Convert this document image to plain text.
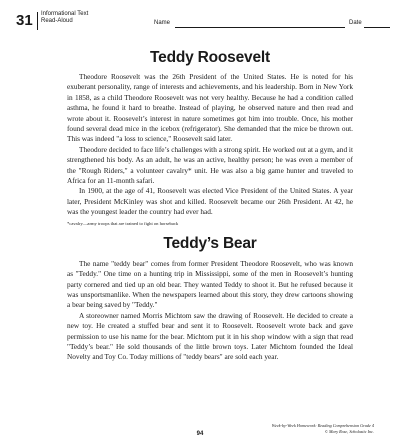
31 Informational Text
Read-Aloud	Name	Date
Teddy Roosevelt

Theodore Roosevelt was the 26th President of the United States. He is noted for his exuberant personality, range of interests and achievements, and his leadership. Born in New York in 1858, as a child Theodore Roosevelt was not very healthy. Because he had a condition called asthma, he found it hard to breathe. Instead of playing, he observed nature and then read and wrote about it. Roosevelt’s interest in nature sometimes got him into trouble. Once, his mother found several dead mice in the icebox (refrigerator). She demanded that the mice be thrown out. This was indeed "a loss to science," Roosevelt said later.

Theodore decided to face life’s challenges with a strong spirit. He worked out at a gym, and it strengthened his body. As an adult, he was an active, healthy person; he was even a member of the "Rough Riders," a volunteer cavalry* unit. He was also a big game hunter and traveled to Africa for an 11-month safari.

In 1900, at the age of 41, Roosevelt was elected Vice President of the United States. A year later, President McKinley was shot and killed. Roosevelt became our 26th President. At 42, he was the youngest leader the country had ever had.

*cavalry—army troops that are trained to fight on horseback

Teddy’s Bear

The name "teddy bear" comes from former President Theodore Roosevelt, who was known as "Teddy." One time on a hunting trip in Mississippi, some of the men in Roosevelt’s hunting party cornered and tied up an old bear. They wanted Teddy to shoot it. But he refused because it was unsportsmanlike. When the newspapers learned about this story, they drew cartoons showing a bear being saved by "Teddy."

A storeowner named Morris Michtom saw the drawing of Roosevelt. He decided to create a new toy. He created a stuffed bear and sent it to Roosevelt. Roosevelt wrote back and gave permission to use his name for the bear. Michtom put it in his shop window with a sign that read "Teddy’s bear." He sold thousands of the little brown toys. Later Michtom founded the Ideal Novelty and Toy Co. Today millions of "teddy bears" are sold each year.

Week-by-Week Homework: Reading Comprehension Grade 4
© Mary Rose, Scholastic Inc.
94
